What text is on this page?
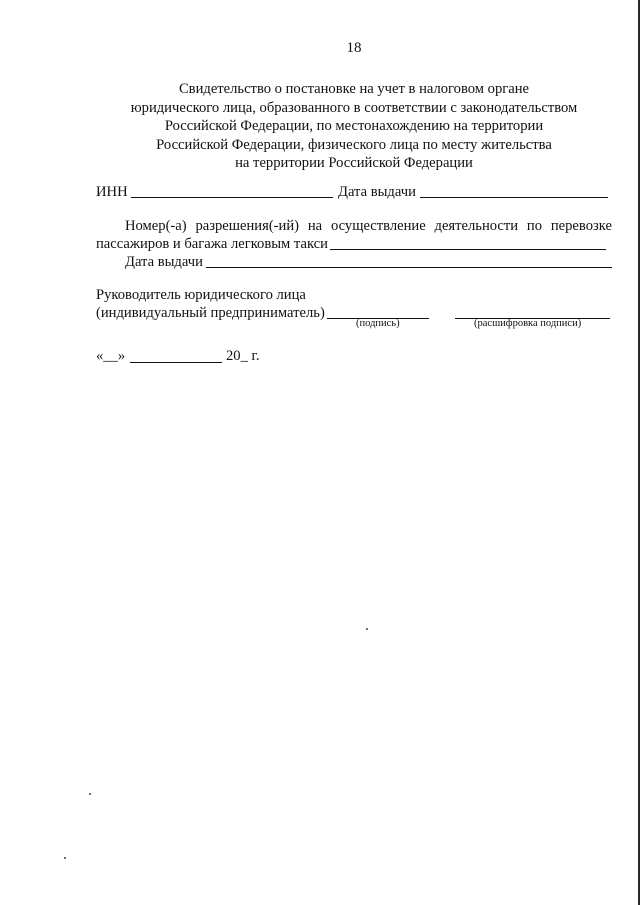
18
Свидетельство о постановке на учет в налоговом органе
юридического лица, образованного в соответствии с законодательством
Российской Федерации, по местонахождению на территории
Российской Федерации, физического лица по месту жительства
на территории Российской Федерации
ИНН	Дата выдачи
Номер(-а) разрешения(-ий) на осуществление деятельности по перевозке
пассажиров и багажа легковым такси
Дата выдачи
Руководитель юридического лица
(индивидуальный предприниматель)
(подпись)	(расшифровка подписи)
«__»	20_ г.
